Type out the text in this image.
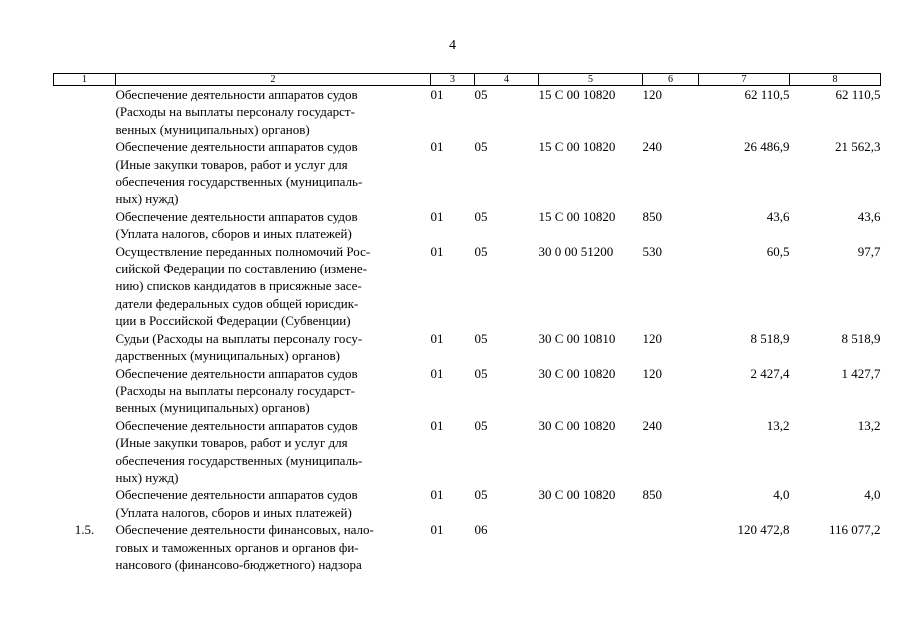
4
1	2	3	4	5	6	7	8

	Обеспечение деятельности аппаратов судов
(Расходы на выплаты персоналу государст-
венных (муниципальных) органов)	01	05	15 С 00 10820	120	62 110,5	62 110,5

	Обеспечение деятельности аппаратов судов
(Иные закупки товаров, работ и услуг для
обеспечения государственных (муниципаль-
ных) нужд)	01	05	15 С 00 10820	240	26 486,9	21 562,3

	Обеспечение деятельности аппаратов судов
(Уплата налогов, сборов и иных платежей)	01	05	15 С 00 10820	850	43,6	43,6

	Осуществление переданных полномочий Рос-
сийской Федерации по составлению (измене-
нию) списков кандидатов в присяжные засе-
датели федеральных судов общей юрисдик-
ции в Российской Федерации (Субвенции)	01	05	30 0 00 51200	530	60,5	97,7

	Судьи (Расходы на выплаты персоналу госу-
дарственных (муниципальных) органов)	01	05	30 С 00 10810	120	8 518,9	8 518,9

	Обеспечение деятельности аппаратов судов
(Расходы на выплаты персоналу государст-
венных (муниципальных) органов)	01	05	30 С 00 10820	120	2 427,4	1 427,7

	Обеспечение деятельности аппаратов судов
(Иные закупки товаров, работ и услуг для
обеспечения государственных (муниципаль-
ных) нужд)	01	05	30 С 00 10820	240	13,2	13,2

	Обеспечение деятельности аппаратов судов
(Уплата налогов, сборов и иных платежей)	01	05	30 С 00 10820	850	4,0	4,0
1.5.	Обеспечение деятельности финансовых, нало-
говых и таможенных органов и органов фи-
нансового (финансово-бюджетного) надзора	01	06			120 472,8	116 077,2
